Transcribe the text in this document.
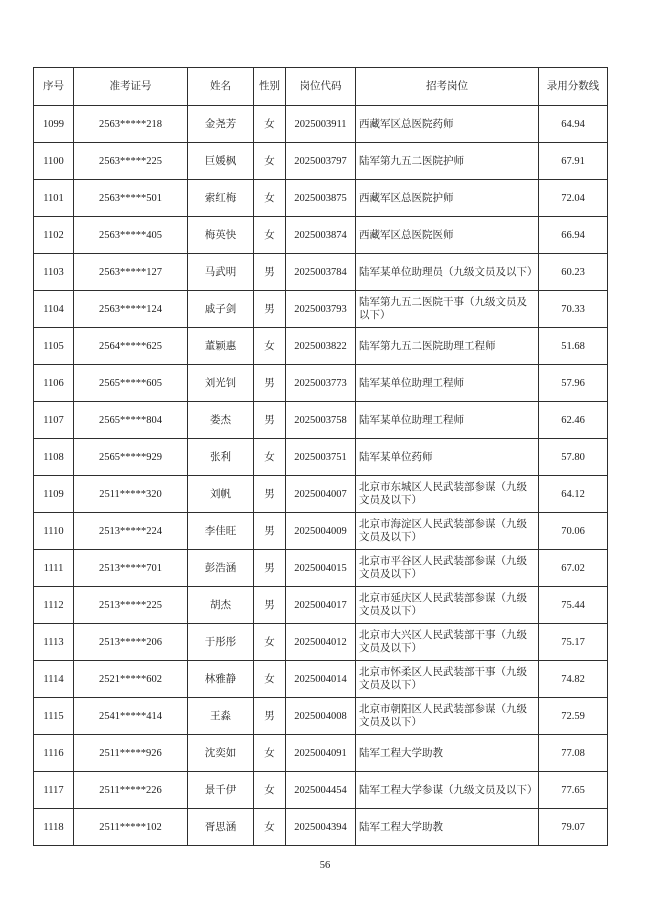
序号	准考证号	姓名	性别	岗位代码	招考岗位	录用分数线
1099	2563*****218	金尧芳	女	2025003911	西藏军区总医院药师	64.94
1100	2563*****225	巨媛枫	女	2025003797	陆军第九五二医院护师	67.91
1101	2563*****501	索红梅	女	2025003875	西藏军区总医院护师	72.04
1102	2563*****405	梅英快	女	2025003874	西藏军区总医院医师	66.94
1103	2563*****127	马武明	男	2025003784	陆军某单位助理员（九级文员及以下）	60.23
1104	2563*****124	戚子剑	男	2025003793	陆军第九五二医院干事（九级文员及以下）	70.33
1105	2564*****625	董颖惠	女	2025003822	陆军第九五二医院助理工程师	51.68
1106	2565*****605	刘光钊	男	2025003773	陆军某单位助理工程师	57.96
1107	2565*****804	娄杰	男	2025003758	陆军某单位助理工程师	62.46
1108	2565*****929	张利	女	2025003751	陆军某单位药师	57.80
1109	2511*****320	刘帆	男	2025004007	北京市东城区人民武装部参谋（九级文员及以下）	64.12
1110	2513*****224	李佳旺	男	2025004009	北京市海淀区人民武装部参谋（九级文员及以下）	70.06
1111	2513*****701	彭浩涵	男	2025004015	北京市平谷区人民武装部参谋（九级文员及以下）	67.02
1112	2513*****225	胡杰	男	2025004017	北京市延庆区人民武装部参谋（九级文员及以下）	75.44
1113	2513*****206	于彤彤	女	2025004012	北京市大兴区人民武装部干事（九级文员及以下）	75.17
1114	2521*****602	林雅静	女	2025004014	北京市怀柔区人民武装部干事（九级文员及以下）	74.82
1115	2541*****414	王淼	男	2025004008	北京市朝阳区人民武装部参谋（九级文员及以下）	72.59
1116	2511*****926	沈奕如	女	2025004091	陆军工程大学助教	77.08
1117	2511*****226	景千伊	女	2025004454	陆军工程大学参谋（九级文员及以下）	77.65
1118	2511*****102	胥思涵	女	2025004394	陆军工程大学助教	79.07
56
